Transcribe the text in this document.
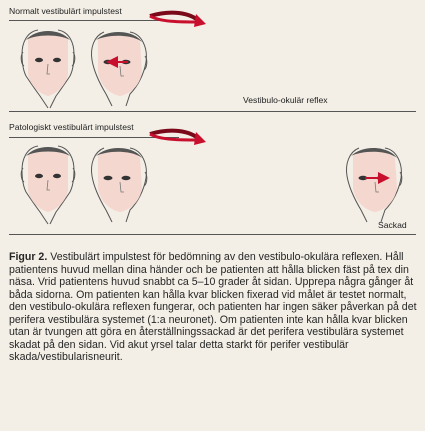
Normalt vestibulärt impulstest
Patologiskt vestibulärt impulstest
Vestibulo-okulär reflex
Sackad
Figur 2. Vestibulärt impulstest för bedömning av den vestibulo-okulära reflexen. Håll patientens huvud mellan dina händer och be patienten att hålla blicken fäst på tex din näsa. Vrid patientens huvud snabbt ca 5–10 grader åt sidan. Upprepa några gånger åt båda sidorna. Om patienten kan hålla kvar blicken fixerad vid målet är testet normalt, den vestibulo-okulära reflexen fungerar, och patienten har ingen säker påverkan på det perifera vestibulära systemet (1:a neuronet). Om patienten inte kan hålla kvar blicken utan är tvungen att göra en återställningssackad är det perifera vestibulära systemet skadat på den sidan. Vid akut yrsel talar detta starkt för perifer vestibulär skada/vestibularisneurit.
